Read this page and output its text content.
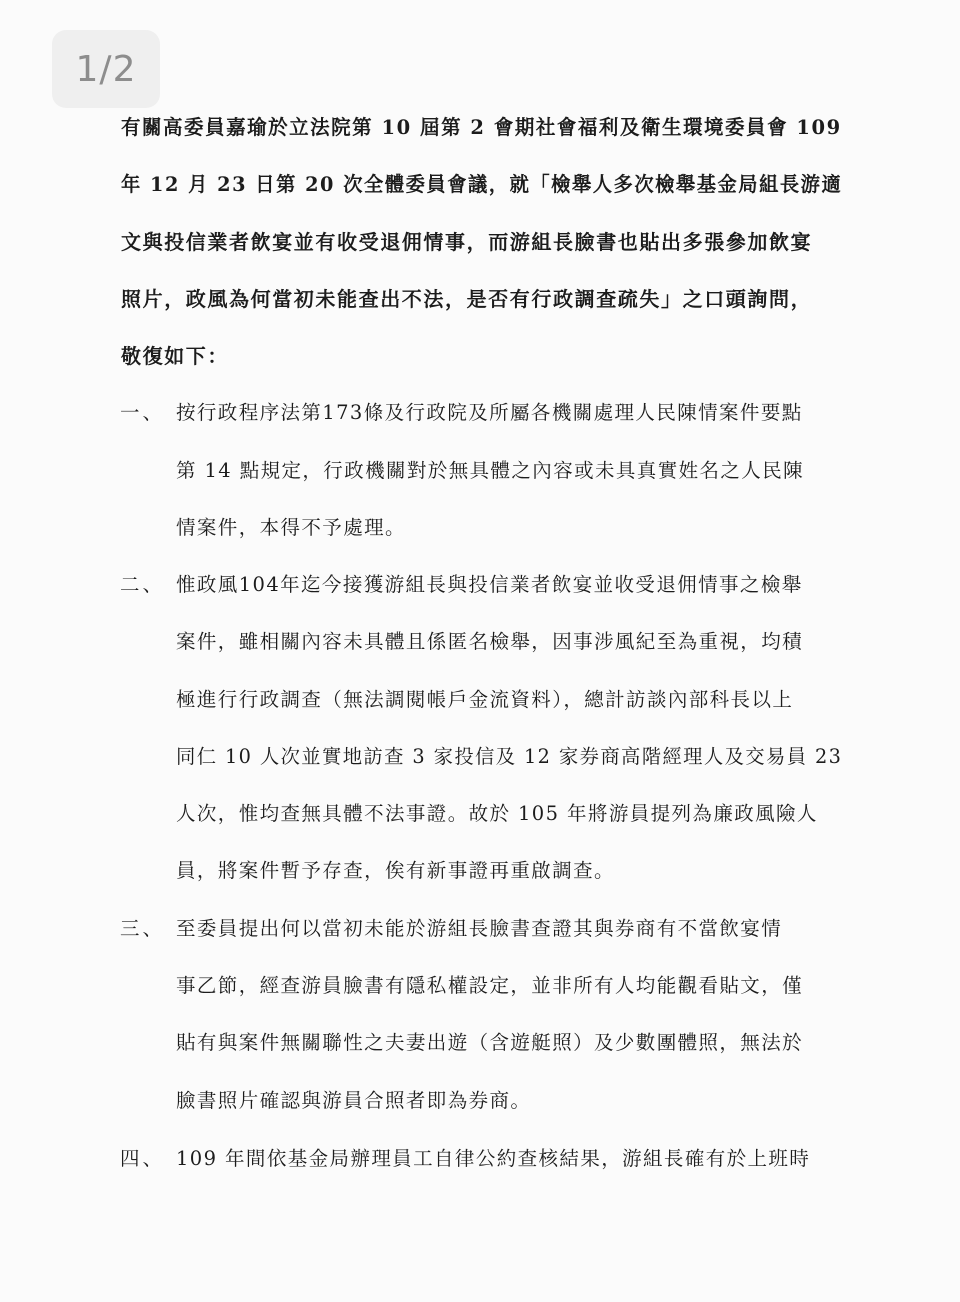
1/2
有關高委員嘉瑜於立法院第 10 屆第 2 會期社會福利及衛生環境委員會 109
年 12 月 23 日第 20 次全體委員會議，就「檢舉人多次檢舉基金局組長游適
文與投信業者飲宴並有收受退佣情事，而游組長臉書也貼出多張參加飲宴
照片，政風為何當初未能查出不法，是否有行政調查疏失」之口頭詢問，
敬復如下：
一、 按行政程序法第173條及行政院及所屬各機關處理人民陳情案件要點
第 14 點規定，行政機關對於無具體之內容或未具真實姓名之人民陳
情案件，本得不予處理。
二、 惟政風104年迄今接獲游組長與投信業者飲宴並收受退佣情事之檢舉
案件，雖相關內容未具體且係匿名檢舉，因事涉風紀至為重視，均積
極進行行政調查（無法調閱帳戶金流資料），總計訪談內部科長以上
同仁 10 人次並實地訪查 3 家投信及 12 家券商高階經理人及交易員 23
人次，惟均查無具體不法事證。故於 105 年將游員提列為廉政風險人
員，將案件暫予存查，俟有新事證再重啟調查。
三、 至委員提出何以當初未能於游組長臉書查證其與券商有不當飲宴情
事乙節，經查游員臉書有隱私權設定，並非所有人均能觀看貼文，僅
貼有與案件無關聯性之夫妻出遊（含遊艇照）及少數團體照，無法於
臉書照片確認與游員合照者即為券商。
四、 109 年間依基金局辦理員工自律公約查核結果，游組長確有於上班時
